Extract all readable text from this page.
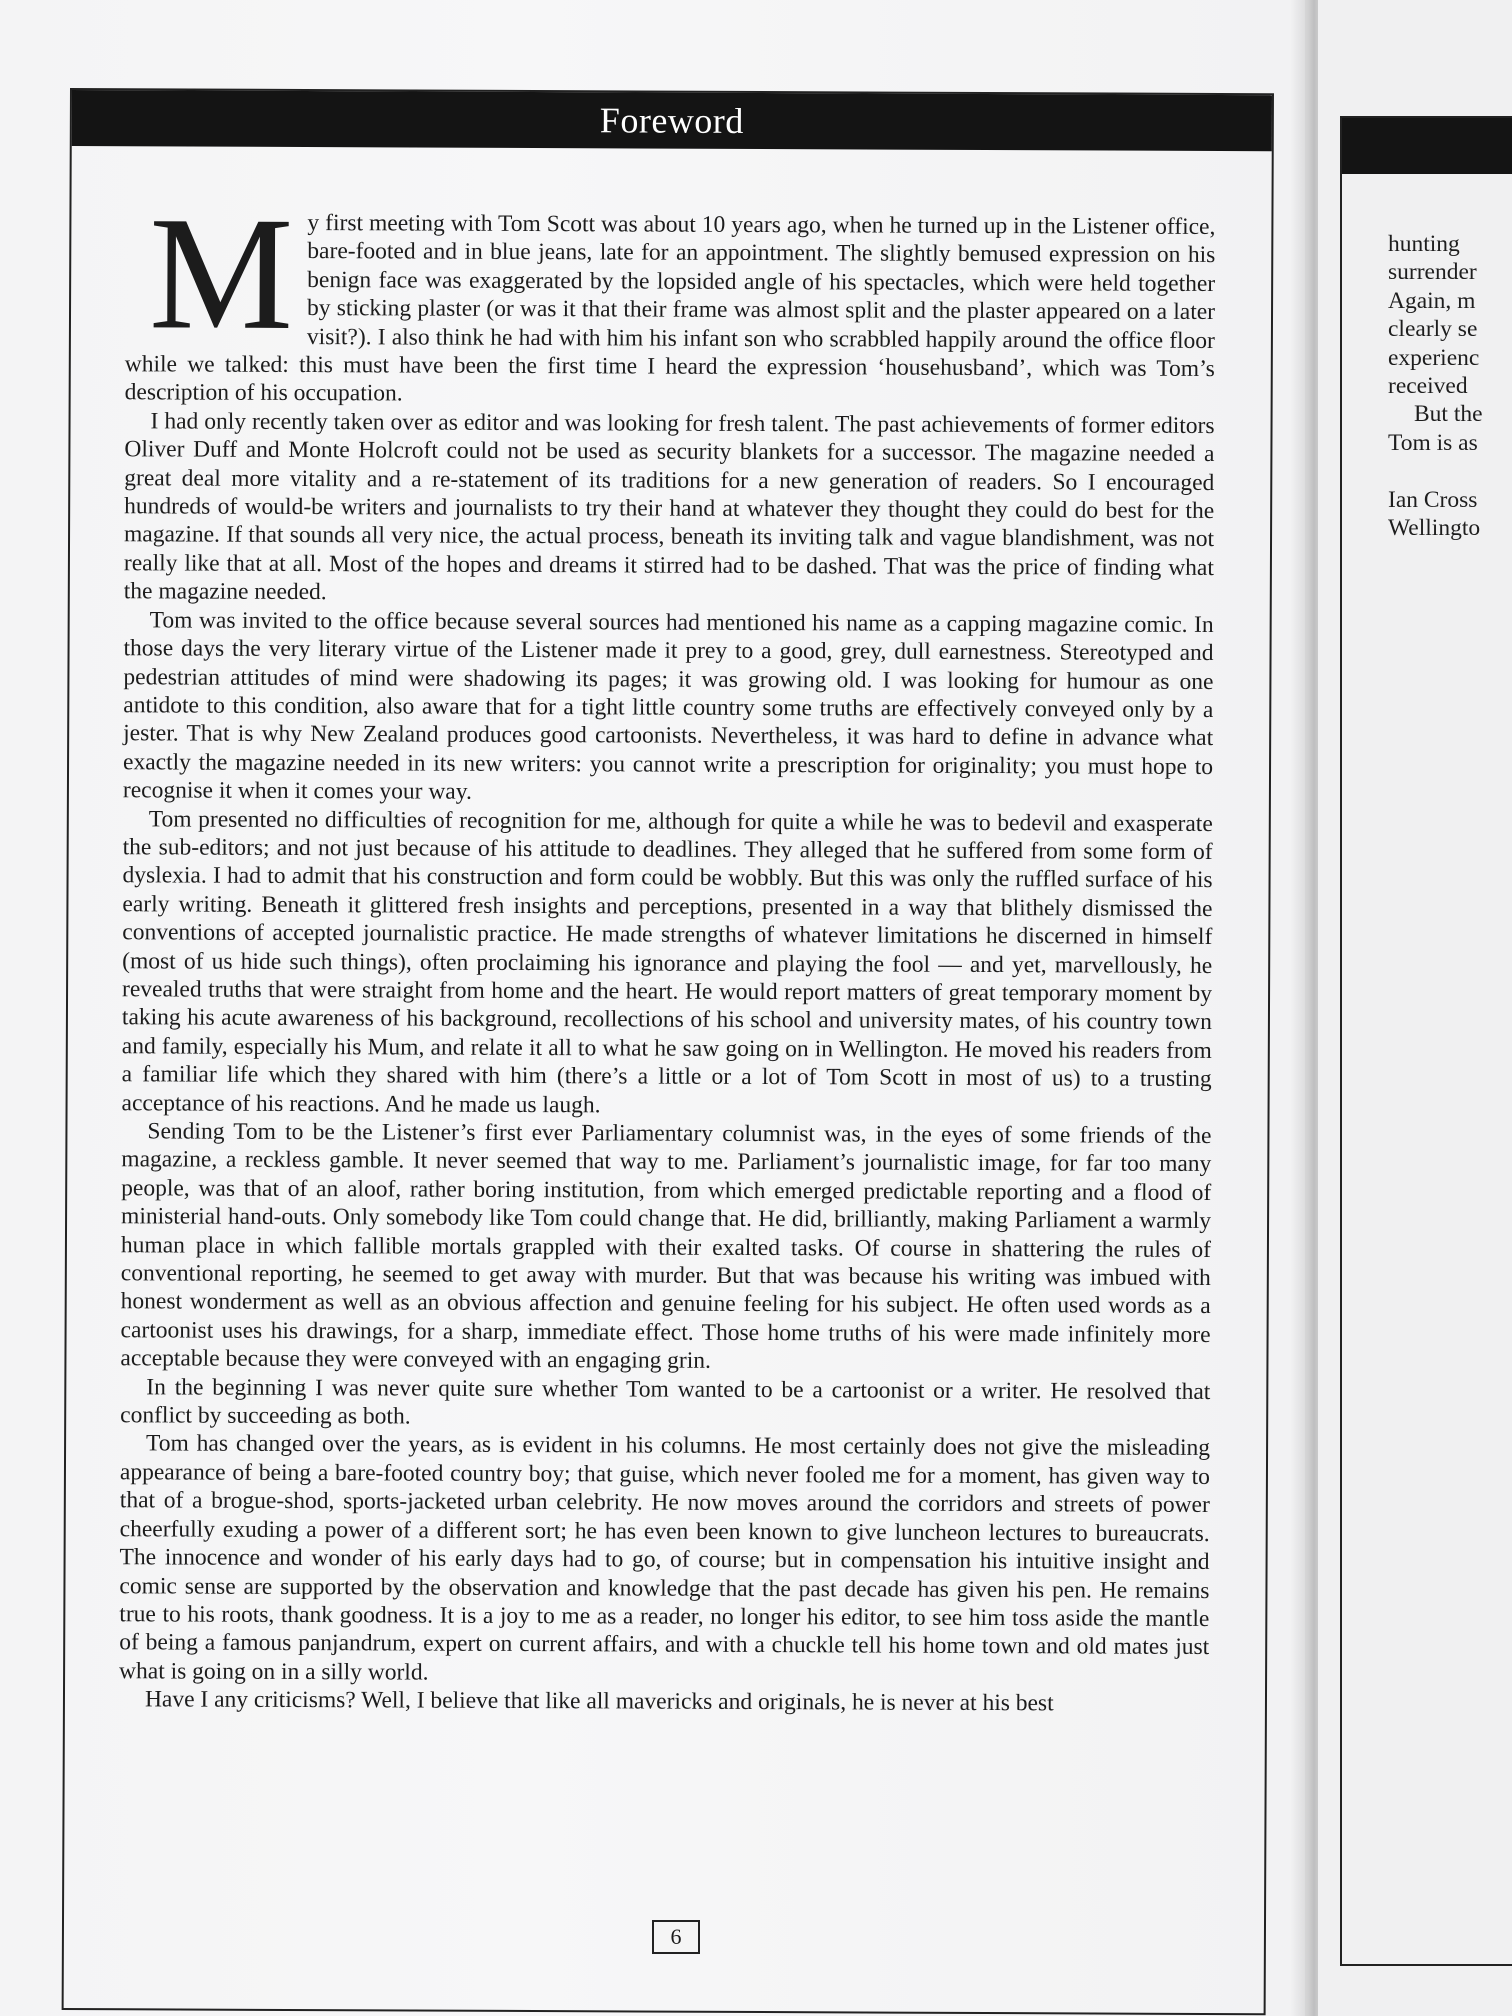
Foreword

My first meeting with Tom Scott was about 10 years ago, when he turned up in the Listener office, bare-footed and in blue jeans, late for an appointment. The slightly bemused expression on his benign face was exaggerated by the lopsided angle of his spectacles, which were held together by sticking plaster (or was it that their frame was almost split and the plaster appeared on a later visit?). I also think he had with him his infant son who scrabbled happily around the office floor while we talked: this must have been the first time I heard the expression ‘househusband’, which was Tom’s description of his occupation.

I had only recently taken over as editor and was looking for fresh talent. The past achievements of former editors Oliver Duff and Monte Holcroft could not be used as security blankets for a successor. The magazine needed a great deal more vitality and a re-statement of its traditions for a new generation of readers. So I encouraged hundreds of would-be writers and journalists to try their hand at whatever they thought they could do best for the magazine. If that sounds all very nice, the actual process, beneath its inviting talk and vague blandishment, was not really like that at all. Most of the hopes and dreams it stirred had to be dashed. That was the price of finding what the magazine needed.

Tom was invited to the office because several sources had mentioned his name as a capping magazine comic. In those days the very literary virtue of the Listener made it prey to a good, grey, dull earnestness. Stereotyped and pedestrian attitudes of mind were shadowing its pages; it was growing old. I was looking for humour as one antidote to this condition, also aware that for a tight little country some truths are effectively conveyed only by a jester. That is why New Zealand produces good cartoonists. Nevertheless, it was hard to define in advance what exactly the magazine needed in its new writers: you cannot write a prescription for originality; you must hope to recognise it when it comes your way.

Tom presented no difficulties of recognition for me, although for quite a while he was to bedevil and exasperate the sub-editors; and not just because of his attitude to deadlines. They alleged that he suffered from some form of dyslexia. I had to admit that his construction and form could be wobbly. But this was only the ruffled surface of his early writing. Beneath it glittered fresh insights and perceptions, presented in a way that blithely dismissed the conventions of accepted journalistic practice. He made strengths of whatever limitations he discerned in himself (most of us hide such things), often proclaiming his ignorance and playing the fool — and yet, marvellously, he revealed truths that were straight from home and the heart. He would report matters of great temporary moment by taking his acute awareness of his background, recollections of his school and university mates, of his country town and family, especially his Mum, and relate it all to what he saw going on in Wellington. He moved his readers from a familiar life which they shared with him (there’s a little or a lot of Tom Scott in most of us) to a trusting acceptance of his reactions. And he made us laugh.

Sending Tom to be the Listener’s first ever Parliamentary columnist was, in the eyes of some friends of the magazine, a reckless gamble. It never seemed that way to me. Parliament’s journalistic image, for far too many people, was that of an aloof, rather boring institution, from which emerged predictable reporting and a flood of ministerial hand-outs. Only somebody like Tom could change that. He did, brilliantly, making Parliament a warmly human place in which fallible mortals grappled with their exalted tasks. Of course in shattering the rules of conventional reporting, he seemed to get away with murder. But that was because his writing was imbued with honest wonderment as well as an obvious affection and genuine feeling for his subject. He often used words as a cartoonist uses his drawings, for a sharp, immediate effect. Those home truths of his were made infinitely more acceptable because they were conveyed with an engaging grin.

In the beginning I was never quite sure whether Tom wanted to be a cartoonist or a writer. He resolved that conflict by succeeding as both.

Tom has changed over the years, as is evident in his columns. He most certainly does not give the misleading appearance of being a bare-footed country boy; that guise, which never fooled me for a moment, has given way to that of a brogue-shod, sports-jacketed urban celebrity. He now moves around the corridors and streets of power cheerfully exuding a power of a different sort; he has even been known to give luncheon lectures to bureaucrats. The innocence and wonder of his early days had to go, of course; but in compensation his intuitive insight and comic sense are supported by the observation and knowledge that the past decade has given his pen. He remains true to his roots, thank goodness. It is a joy to me as a reader, no longer his editor, to see him toss aside the mantle of being a famous panjandrum, expert on current affairs, and with a chuckle tell his home town and old mates just what is going on in a silly world.

Have I any criticisms? Well, I believe that like all mavericks and originals, he is never at his best

6
hunting
surrender
Again, m
clearly se
experienc
received
But the
Tom is as
Ian Cross
Wellingto
